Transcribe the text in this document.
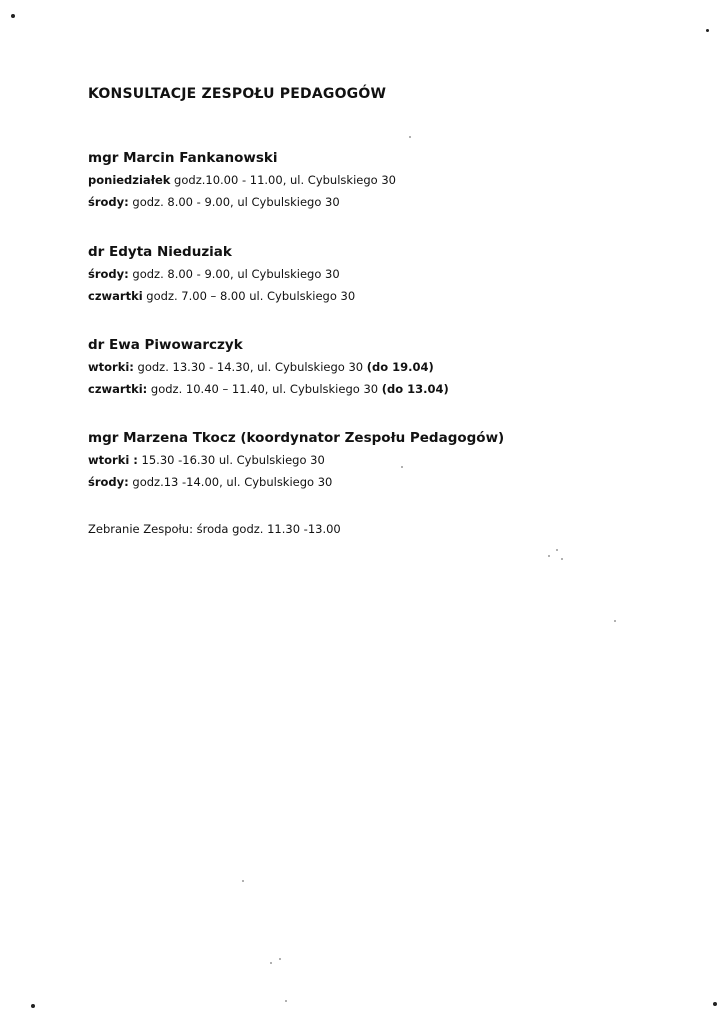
KONSULTACJE ZESPOŁU PEDAGOGÓW
mgr Marcin Fankanowski
poniedziałek godz.10.00 - 11.00, ul. Cybulskiego 30
środy: godz. 8.00 - 9.00, ul Cybulskiego 30
dr Edyta Nieduziak
środy: godz. 8.00 - 9.00, ul Cybulskiego 30
czwartki godz. 7.00 – 8.00 ul. Cybulskiego 30
dr Ewa Piwowarczyk
wtorki: godz. 13.30 - 14.30, ul. Cybulskiego 30 (do 19.04)
czwartki: godz. 10.40 – 11.40, ul. Cybulskiego 30 (do 13.04)
mgr Marzena Tkocz (koordynator Zespołu Pedagogów)
wtorki : 15.30 -16.30 ul. Cybulskiego 30
środy: godz.13 -14.00, ul. Cybulskiego 30
Zebranie Zespołu: środa godz. 11.30 -13.00
